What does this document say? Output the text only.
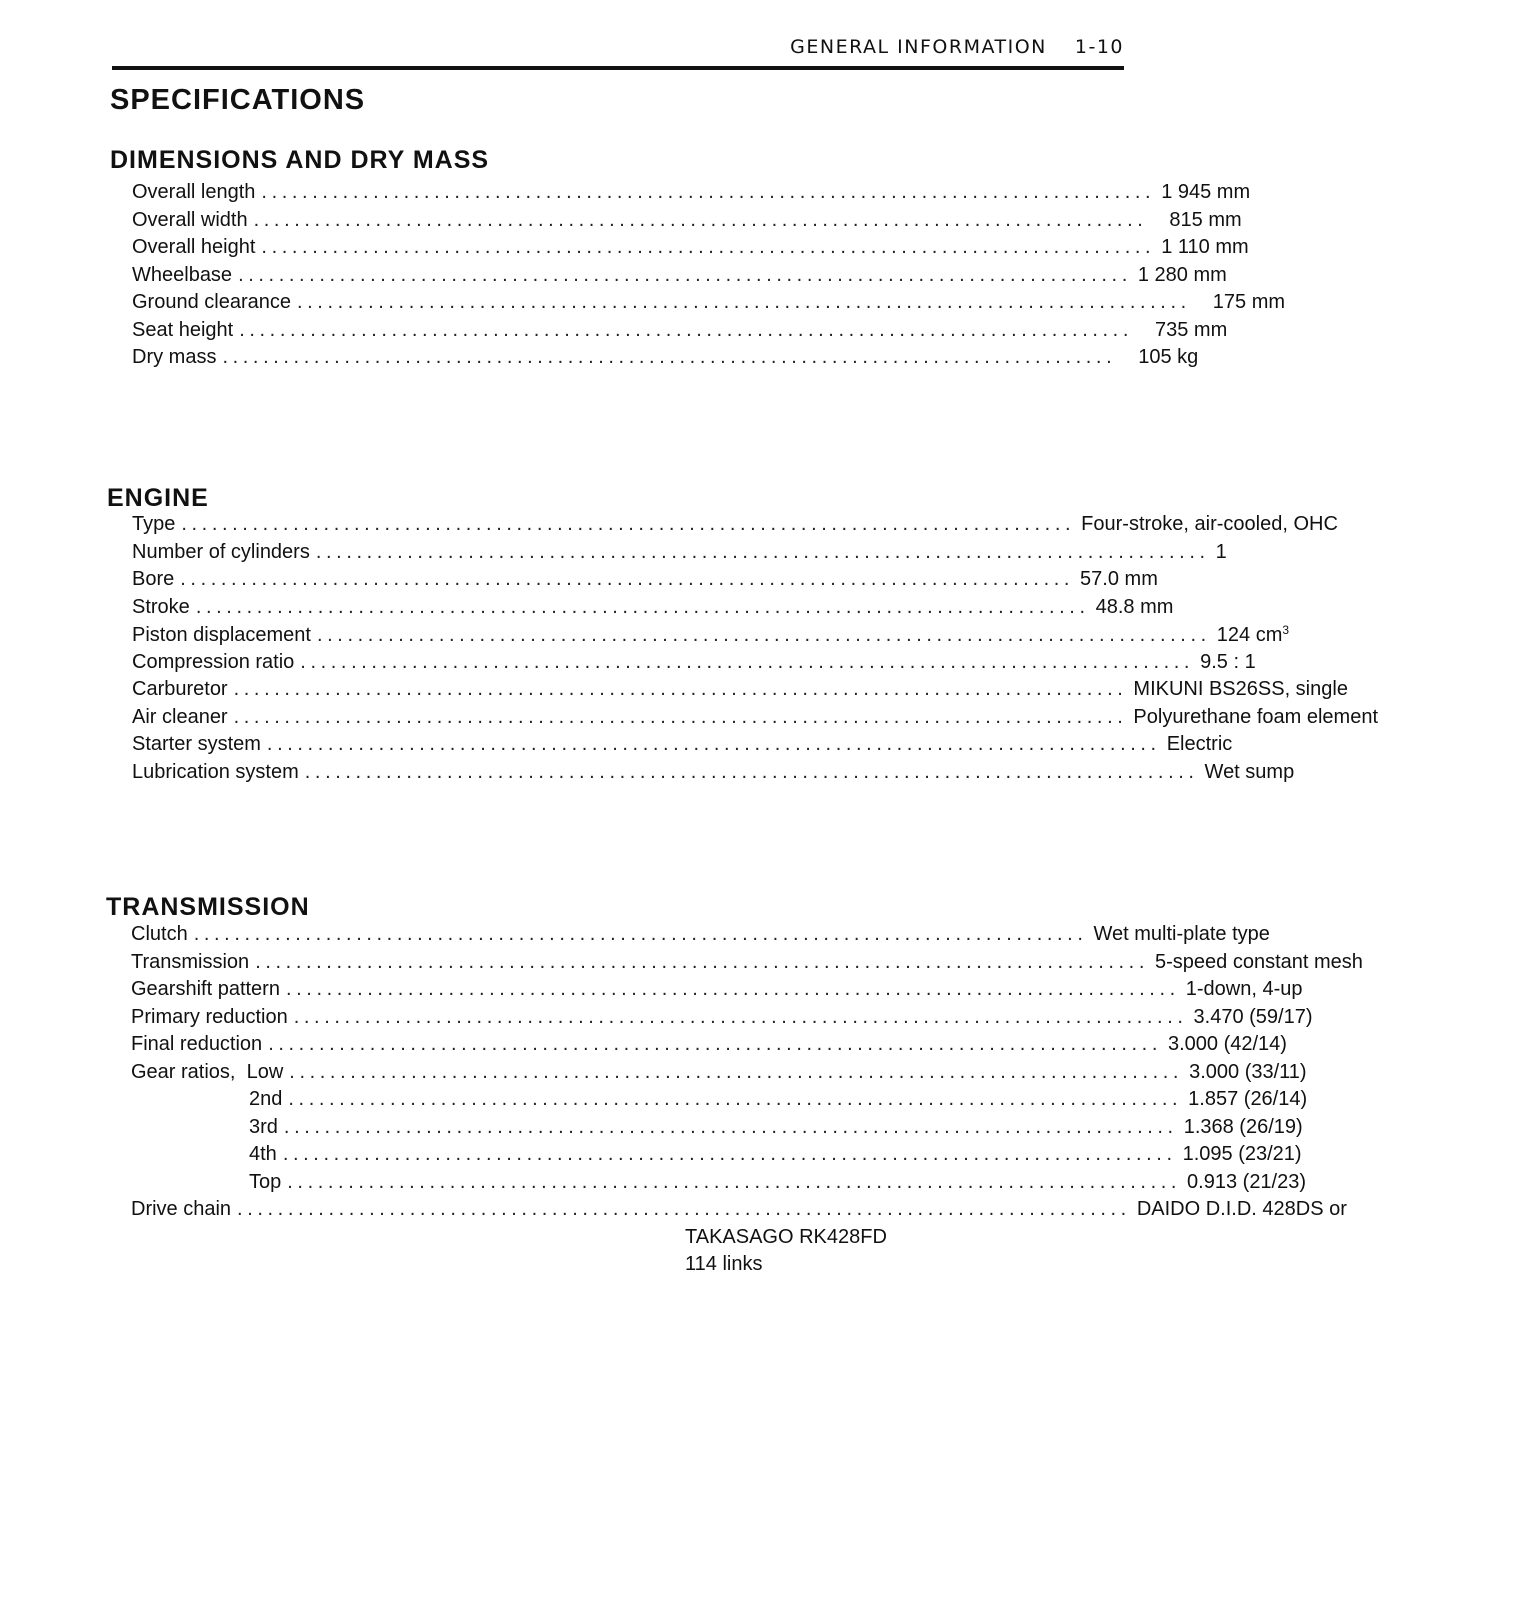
GENERAL INFORMATION 1-10
SPECIFICATIONS
DIMENSIONS AND DRY MASS
Overall length ........................................................................................ 1 945 mm
Overall width ........................................................................................	815 mm
Overall height ........................................................................................ 1 110 mm
Wheelbase ........................................................................................ 1 280 mm
Ground clearance ........................................................................................	175 mm
Seat height ........................................................................................	735 mm
Dry mass ........................................................................................	105 kg
ENGINE
Type ........................................................................................ Four-stroke, air-cooled, OHC
Number of cylinders ........................................................................................ 1
Bore ........................................................................................ 57.0 mm
Stroke ........................................................................................ 48.8 mm
Piston displacement ........................................................................................ 124 $cm^3$
Compression ratio ........................................................................................ 9.5 : 1
Carburetor ........................................................................................ MIKUNI BS26SS, single
Air cleaner ........................................................................................ Polyurethane foam element
Starter system ........................................................................................ Electric
Lubrication system ........................................................................................ Wet sump
TRANSMISSION
Clutch ........................................................................................ Wet multi-plate type
Transmission ........................................................................................ 5-speed constant mesh
Gearshift pattern ........................................................................................ 1-down, 4-up
Primary reduction ........................................................................................ 3.470 (59/17)
Final reduction ........................................................................................ 3.000 (42/14)
Gear ratios,  Low ........................................................................................ 3.000 (33/11)
2nd ........................................................................................ 1.857 (26/14)
3rd ........................................................................................ 1.368 (26/19)
4th ........................................................................................ 1.095 (23/21)
Top ........................................................................................ 0.913 (21/23)
Drive chain ........................................................................................ DAIDO D.I.D. 428DS or
TAKASAGO RK428FD
114 links
